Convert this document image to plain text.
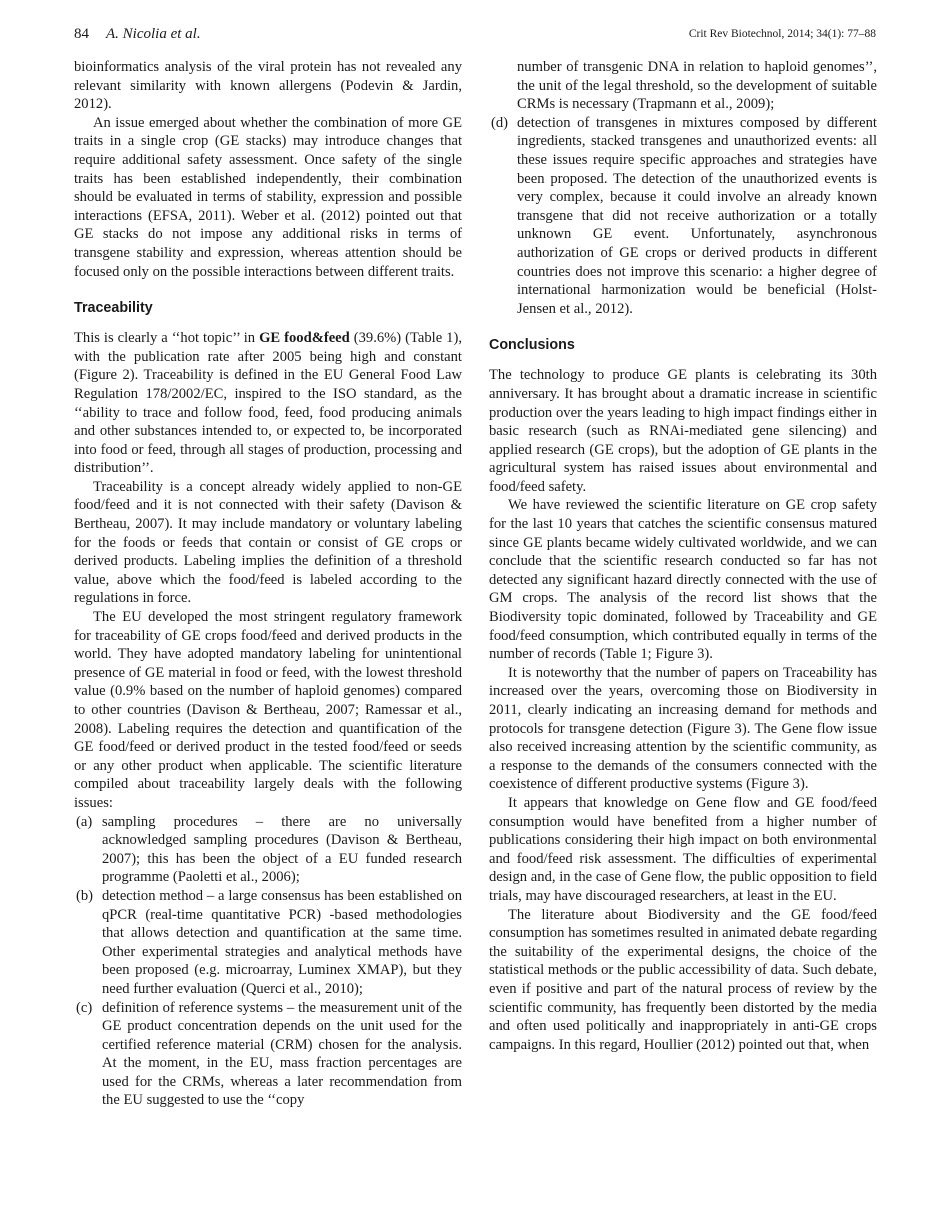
84 A. Nicolia et al.	Crit Rev Biotechnol, 2014; 34(1): 77–88

bioinformatics analysis of the viral protein has not revealed any relevant similarity with known allergens (Podevin & Jardin, 2012).

An issue emerged about whether the combination of more GE traits in a single crop (GE stacks) may introduce changes that require additional safety assessment. Once safety of the single traits has been established independently, their combination should be evaluated in terms of stability, expression and possible interactions (EFSA, 2011). Weber et al. (2012) pointed out that GE stacks do not impose any additional risks in terms of transgene stability and expression, whereas attention should be focused only on the possible interactions between different traits.

Traceability

This is clearly a ‘‘hot topic’’ in GE food&feed (39.6%) (Table 1), with the publication rate after 2005 being high and constant (Figure 2). Traceability is defined in the EU General Food Law Regulation 178/2002/EC, inspired to the ISO standard, as the ‘‘ability to trace and follow food, feed, food producing animals and other substances intended to, or expected to, be incorporated into food or feed, through all stages of production, processing and distribution’’.

Traceability is a concept already widely applied to non-GE food/feed and it is not connected with their safety (Davison & Bertheau, 2007). It may include mandatory or voluntary labeling for the foods or feeds that contain or consist of GE crops or derived products. Labeling implies the definition of a threshold value, above which the food/feed is labeled according to the regulations in force.

The EU developed the most stringent regulatory framework for traceability of GE crops food/feed and derived products in the world. They have adopted mandatory labeling for unintentional presence of GE material in food or feed, with the lowest threshold value (0.9% based on the number of haploid genomes) compared to other countries (Davison & Bertheau, 2007; Ramessar et al., 2008). Labeling requires the detection and quantification of the GE food/feed or derived product in the tested food/feed or seeds or any other product when applicable. The scientific literature compiled about traceability largely deals with the following issues:

(a) sampling procedures – there are no universally acknowledged sampling procedures (Davison & Bertheau, 2007); this has been the object of a EU funded research programme (Paoletti et al., 2006);
(b) detection method – a large consensus has been established on qPCR (real-time quantitative PCR) -based methodologies that allows detection and quantification at the same time. Other experimental strategies and analytical methods have been proposed (e.g. microarray, Luminex XMAP), but they need further evaluation (Querci et al., 2010);
(c) definition of reference systems – the measurement unit of the GE product concentration depends on the unit used for the certified reference material (CRM) chosen for the analysis. At the moment, in the EU, mass fraction percentages are used for the CRMs, whereas a later recommendation from the EU suggested to use the ‘‘copy

number of transgenic DNA in relation to haploid genomes’’, the unit of the legal threshold, so the development of suitable CRMs is necessary (Trapmann et al., 2009);

(d) detection of transgenes in mixtures composed by different ingredients, stacked transgenes and unauthorized events: all these issues require specific approaches and strategies have been proposed. The detection of the unauthorized events is very complex, because it could involve an already known transgene that did not receive authorization or a totally unknown GE event. Unfortunately, asynchronous authorization of GE crops or derived products in different countries does not improve this scenario: a higher degree of international harmonization would be beneficial (Holst-Jensen et al., 2012).
Conclusions

The technology to produce GE plants is celebrating its 30th anniversary. It has brought about a dramatic increase in scientific production over the years leading to high impact findings either in basic research (such as RNAi-mediated gene silencing) and applied research (GE crops), but the adoption of GE plants in the agricultural system has raised issues about environmental and food/feed safety.

We have reviewed the scientific literature on GE crop safety for the last 10 years that catches the scientific consensus matured since GE plants became widely cultivated worldwide, and we can conclude that the scientific research conducted so far has not detected any significant hazard directly connected with the use of GM crops. The analysis of the record list shows that the Biodiversity topic dominated, followed by Traceability and GE food/feed consumption, which contributed equally in terms of the number of records (Table 1; Figure 3).

It is noteworthy that the number of papers on Traceability has increased over the years, overcoming those on Biodiversity in 2011, clearly indicating an increasing demand for methods and protocols for transgene detection (Figure 3). The Gene flow issue also received increasing attention by the scientific community, as a response to the demands of the consumers connected with the coexistence of different productive systems (Figure 3).

It appears that knowledge on Gene flow and GE food/feed consumption would have benefited from a higher number of publications considering their high impact on both environmental and food/feed risk assessment. The difficulties of experimental design and, in the case of Gene flow, the public opposition to field trials, may have discouraged researchers, at least in the EU.

The literature about Biodiversity and the GE food/feed consumption has sometimes resulted in animated debate regarding the suitability of the experimental designs, the choice of the statistical methods or the public accessibility of data. Such debate, even if positive and part of the natural process of review by the scientific community, has frequently been distorted by the media and often used politically and inappropriately in anti-GE crops campaigns. In this regard, Houllier (2012) pointed out that, when
